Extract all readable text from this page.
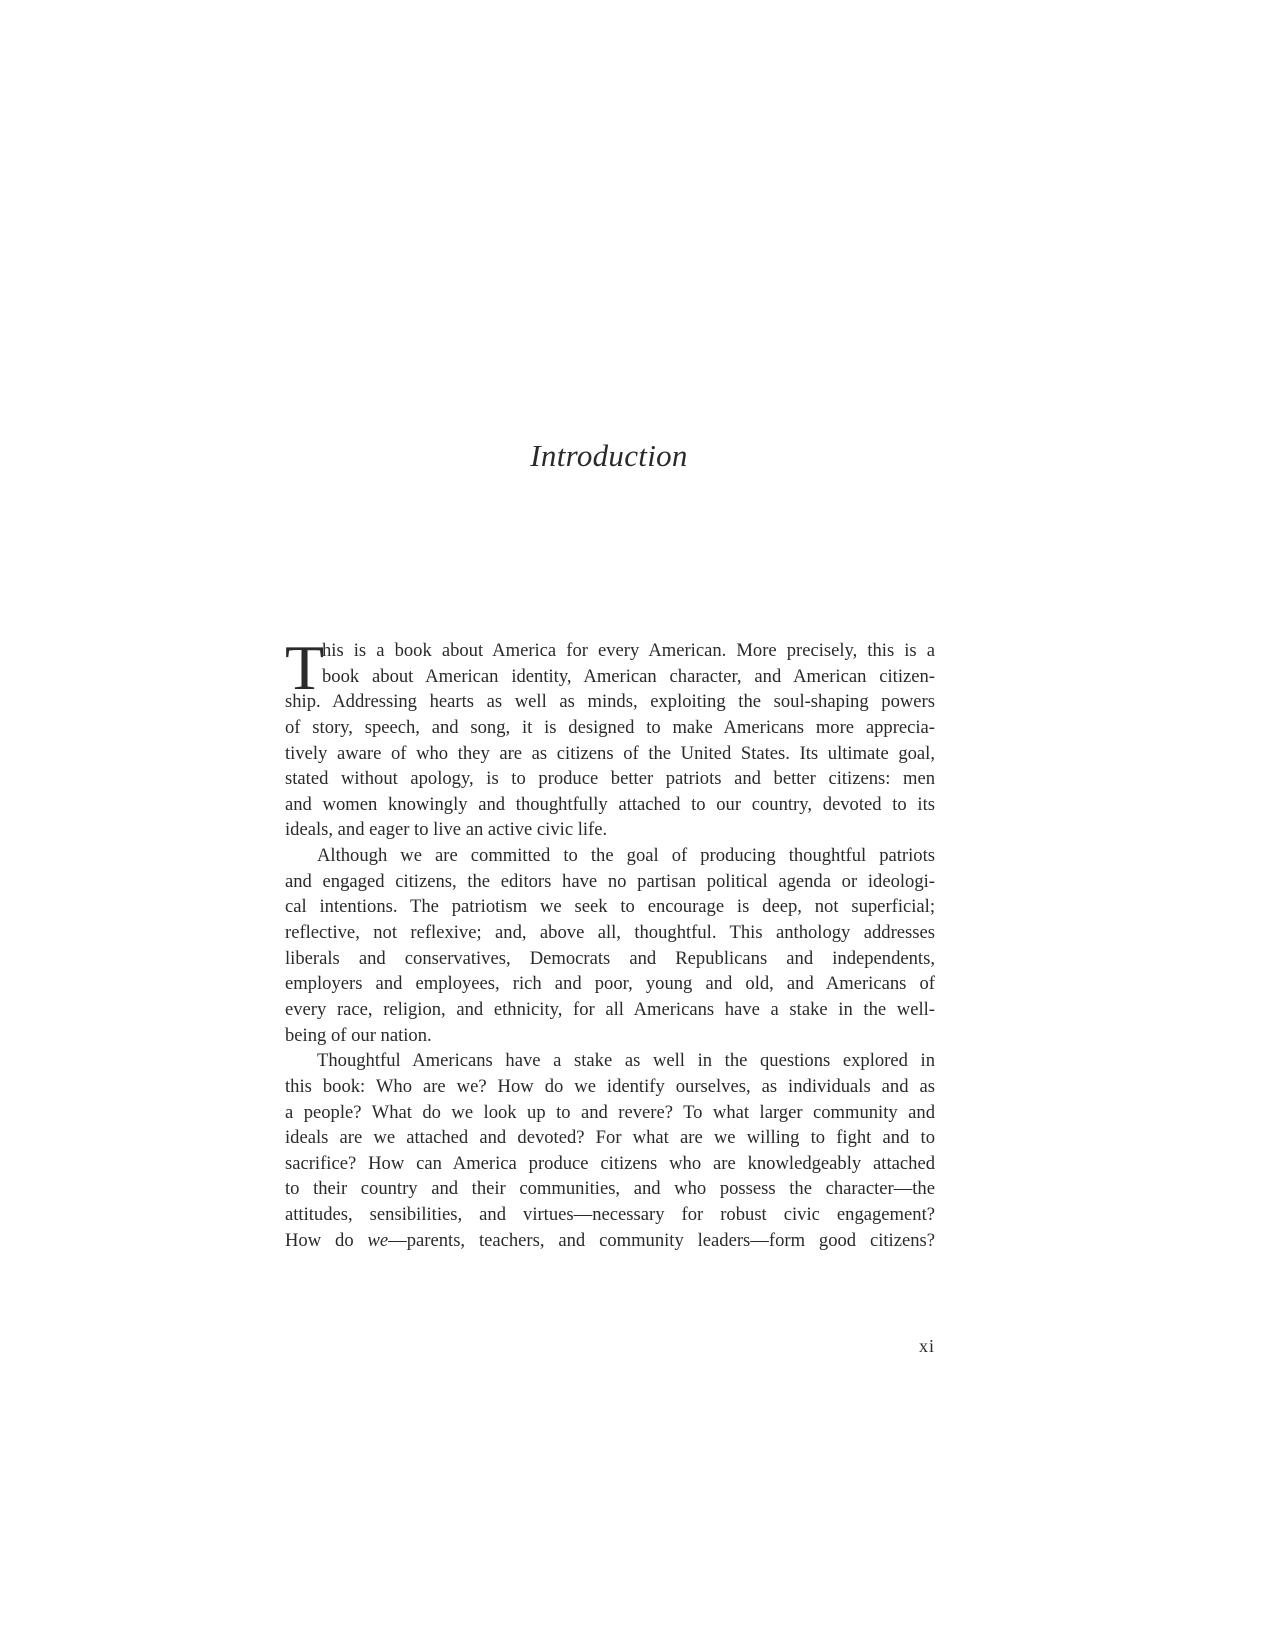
Introduction
T
his is a book about America for every American. More precisely, this is a
book about American identity, American character, and American citizen-
ship. Addressing hearts as well as minds, exploiting the soul-shaping powers
of story, speech, and song, it is designed to make Americans more apprecia-
tively aware of who they are as citizens of the United States. Its ultimate goal,
stated without apology, is to produce better patriots and better citizens: men
and women knowingly and thoughtfully attached to our country, devoted to its
ideals, and eager to live an active civic life.
Although we are committed to the goal of producing thoughtful patriots
and engaged citizens, the editors have no partisan political agenda or ideologi-
cal intentions. The patriotism we seek to encourage is deep, not superficial;
reflective, not reflexive; and, above all, thoughtful. This anthology addresses
liberals and conservatives, Democrats and Republicans and independents,
employers and employees, rich and poor, young and old, and Americans of
every race, religion, and ethnicity, for all Americans have a stake in the well-
being of our nation.
Thoughtful Americans have a stake as well in the questions explored in
this book: Who are we? How do we identify ourselves, as individuals and as
a people? What do we look up to and revere? To what larger community and
ideals are we attached and devoted? For what are we willing to fight and to
sacrifice? How can America produce citizens who are knowledgeably attached
to their country and their communities, and who possess the character—the
attitudes, sensibilities, and virtues—necessary for robust civic engagement?
How do we—parents, teachers, and community leaders—form good citizens?
xi
